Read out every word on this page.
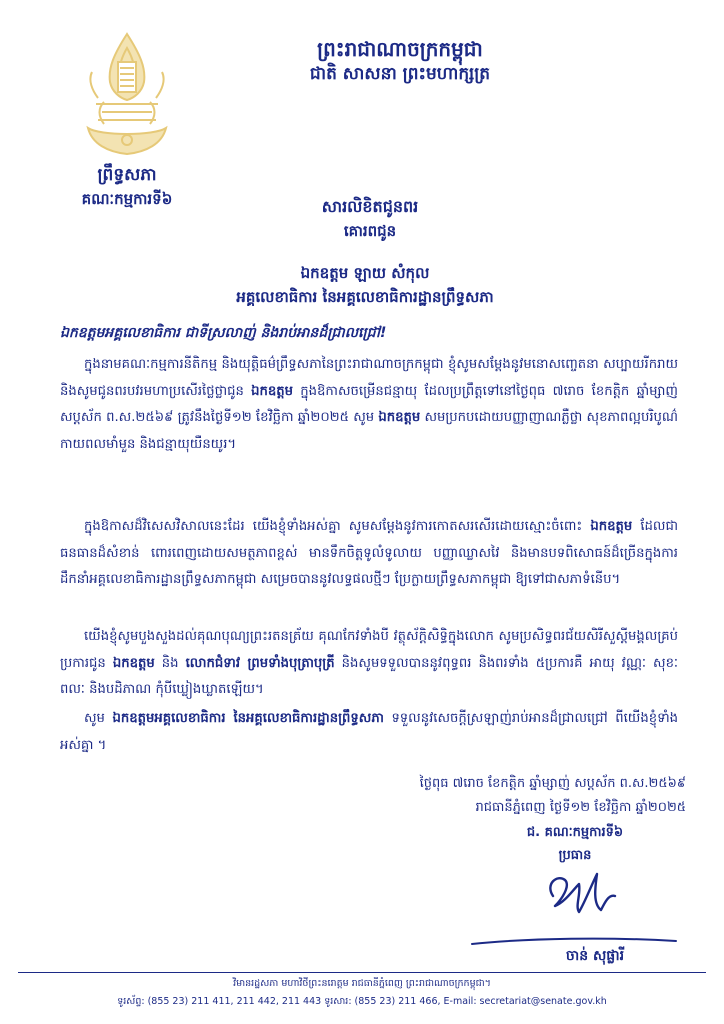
ព្រះរាជាណាចក្រកម្ពុជា
ជាតិ សាសនា ព្រះមហាក្សត្រ
ព្រឹទ្ធសភា
គណៈកម្មការទី៦	សារលិខិតជូនពរ
គោរពជូន
ឯកឧត្តម ឡាយ សំកុល
អគ្គលេខាធិការ នៃអគ្គលេខាធិការដ្ឋានព្រឹទ្ធសភា
ឯកឧត្តមអគ្គលេខាធិការ ជាទីស្រលាញ់ និងរាប់អានដ៏ជ្រាលជ្រៅ!
ក្នុងនាមគណៈកម្មការនីតិកម្ម និងយុត្តិធម៌ព្រឹទ្ធសភានៃព្រះរាជាណាចក្រកម្ពុជា ខ្ញុំសូមសម្ដែងនូវមនោសញ្ចេតនា សប្បាយរីករាយ និងសូមជូនពរបវរមហាប្រសើរថ្លៃថ្លាជូន ឯកឧត្តម ក្នុងឱកាសចម្រើនជន្មាយុ ដែលប្រព្រឹត្តទៅនៅថ្ងៃពុធ ៧រោច ខែកត្តិក ឆ្នាំម្សាញ់ សប្តស័ក ព.ស.២៥៦៩ ត្រូវនឹងថ្ងៃទី១២ ខែវិច្ឆិកា ឆ្នាំ២០២៥ សូម ឯកឧត្តម សមប្រកបដោយបញ្ញាញាណភ្លឺថ្លា សុខភាពល្អបរិបូណ៌ កាយពលមាំមួន និងជន្មាយុយឺនយូរ។
ក្នុងឱកាសដ៏វិសេសវិសាលនេះដែរ យើងខ្ញុំទាំងអស់គ្នា សូមសម្ដែងនូវការកោតសរសើរដោយស្មោះចំពោះ ឯកឧត្តម ដែលជាធនធានដ៏សំខាន់ ពោរពេញដោយសមត្ថភាពខ្ពស់ មានទឹកចិត្តទូលំទូលាយ បញ្ញាឈ្លាសវៃ និងមានបទពិសោធន៍ដ៏ច្រើនក្នុងការដឹកនាំអគ្គលេខាធិការដ្ឋានព្រឹទ្ធសភាកម្ពុជា សម្រេចបាននូវលទ្ធផលថ្មីៗ ប្រែក្លាយព្រឹទ្ធសភាកម្ពុជា ឱ្យទៅជាសភាទំនើប។
យើងខ្ញុំសូមបួងសួងដល់គុណបុណ្យព្រះរតនត្រ័យ គុណកែវទាំងបី វត្ថុស័ក្តិសិទ្ធិក្នុងលោក សូមប្រសិទ្ធពរជ័យសិរីសួស្តីមង្គលគ្រប់ប្រការជូន ឯកឧត្តម និង លោកជំទាវ ព្រមទាំងបុត្រាបុត្រី និងសូមទទួលបាននូវពុទ្ធពរ និងពរទាំង ៥ប្រការគឺ អាយុ វណ្ណៈ សុខៈ ពលៈ និងបដិភាណ កុំបីឃ្លៀងឃ្លាតឡើយ។
សូម ឯកឧត្តមអគ្គលេខាធិការ នៃអគ្គលេខាធិការដ្ឋានព្រឹទ្ធសភា ទទួលនូវសេចក្តីស្រឡាញ់រាប់អានដ៏ជ្រាលជ្រៅ ពីយើងខ្ញុំទាំងអស់គ្នា ។
ថ្ងៃពុធ ៧រោច ខែកត្តិក ឆ្នាំម្សាញ់ សប្តស័ក ព.ស.២៥៦៩
រាជធានីភ្នំពេញ ថ្ងៃទី១២ ខែវិច្ឆិកា ឆ្នាំ២០២៥
ជ. គណៈកម្មការទី៦
ប្រធាន
ចាន់ សុផ្លារី
វិមានរដ្ឋសភា មហាវិថីព្រះនរោត្តម រាជធានីភ្នំពេញ ព្រះរាជាណាចក្រកម្ពុជា។
ទូរស័ព្ទ: (855 23) 211 411, 211 442, 211 443 ទូរសារ: (855 23) 211 466, E-mail: secretariat@senate.gov.kh
